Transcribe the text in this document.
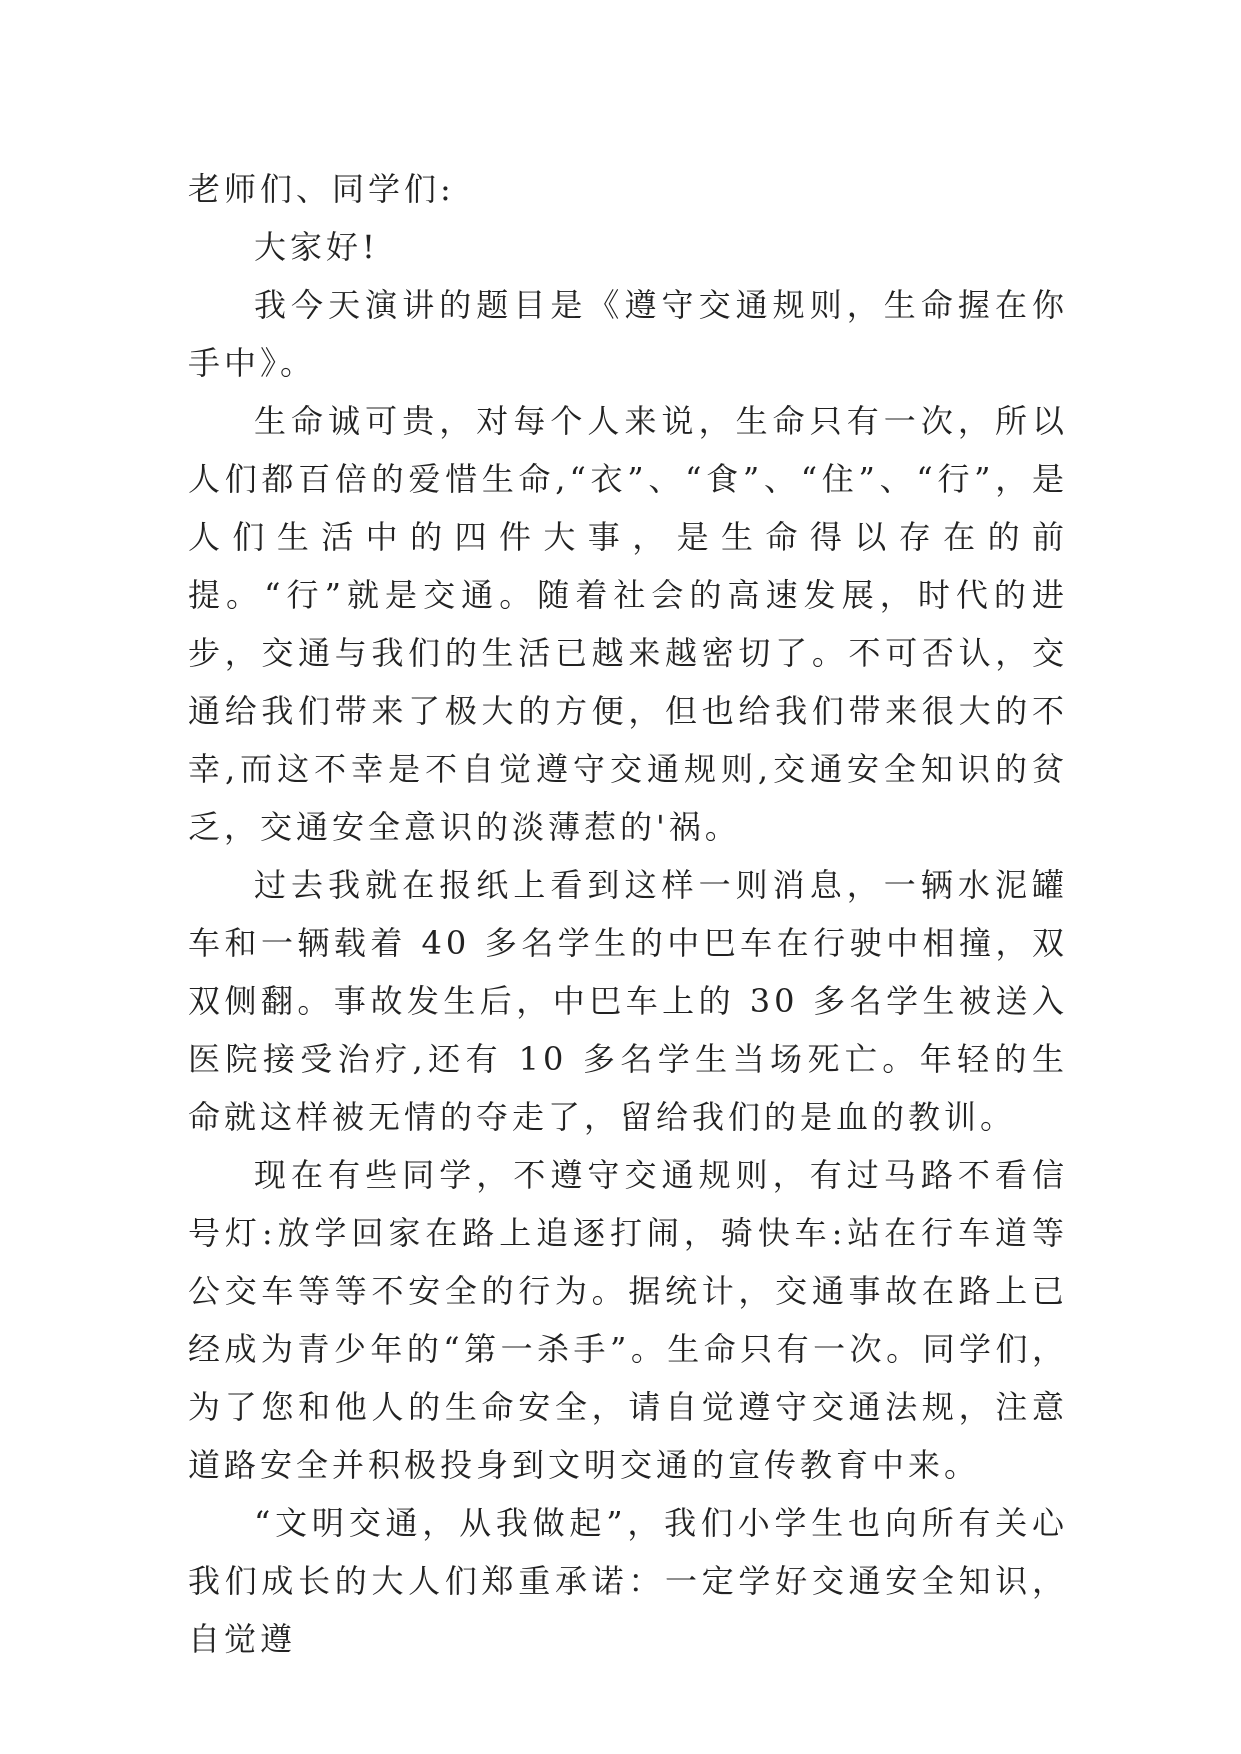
老师们、同学们:

大家好!

我今天演讲的题目是《遵守交通规则，生命握在你手中》。

生命诚可贵，对每个人来说，生命只有一次，所以人们都百倍的爱惜生命,“衣”、“食”、“住”、“行”，是人们生活中的四件大事，是生命得以存在的前提。“行”就是交通。随着社会的高速发展，时代的进步，交通与我们的生活已越来越密切了。不可否认，交通给我们带来了极大的方便，但也给我们带来很大的不幸,而这不幸是不自觉遵守交通规则,交通安全知识的贫乏，交通安全意识的淡薄惹的'祸。

过去我就在报纸上看到这样一则消息，一辆水泥罐车和一辆载着 40 多名学生的中巴车在行驶中相撞，双双侧翻。事故发生后，中巴车上的 30 多名学生被送入医院接受治疗,还有 10 多名学生当场死亡。年轻的生命就这样被无情的夺走了，留给我们的是血的教训。

现在有些同学，不遵守交通规则，有过马路不看信号灯:放学回家在路上追逐打闹，骑快车:站在行车道等公交车等等不安全的行为。据统计，交通事故在路上已经成为青少年的“第一杀手”。生命只有一次。同学们，为了您和他人的生命安全，请自觉遵守交通法规，注意道路安全并积极投身到文明交通的宣传教育中来。

“文明交通，从我做起”，我们小学生也向所有关心我们成长的大人们郑重承诺：一定学好交通安全知识，自觉遵
